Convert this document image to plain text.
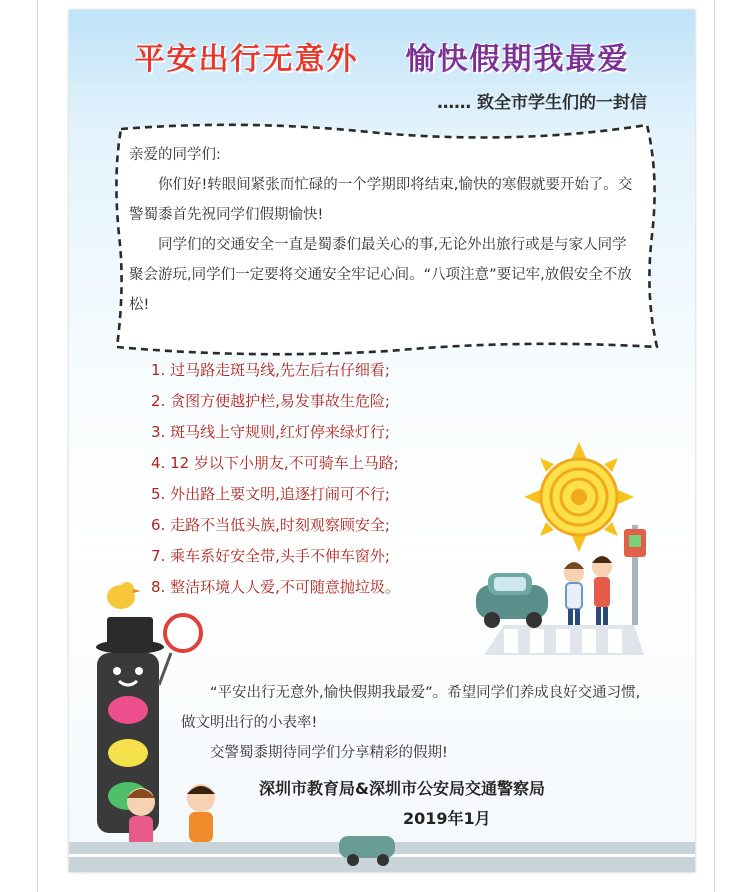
平安出行无意外 愉快假期我最爱
…… 致全市学生们的一封信

亲爱的同学们:

你们好!转眼间紧张而忙碌的一个学期即将结束,愉快的寒假就要开始了。交警蜀黍首先祝同学们假期愉快!

同学们的交通安全一直是蜀黍们最关心的事,无论外出旅行或是与家人同学聚会游玩,同学们一定要将交通安全牢记心间。“八项注意”要记牢,放假安全不放松!

1. 过马路走斑马线,先左后右仔细看;
2. 贪图方便越护栏,易发事故生危险;
3. 斑马线上守规则,红灯停来绿灯行;
4. 12 岁以下小朋友,不可骑车上马路;
5. 外出路上要文明,追逐打闹可不行;
6. 走路不当低头族,时刻观察顾安全;
7. 乘车系好安全带,头手不伸车窗外;
8. 整洁环境人人爱,不可随意抛垃圾。

“平安出行无意外,愉快假期我最爱”。希望同学们养成良好交通习惯,做文明出行的小表率!

交警蜀黍期待同学们分享精彩的假期!

深圳市教育局&深圳市公安局交通警察局
2019年1月
